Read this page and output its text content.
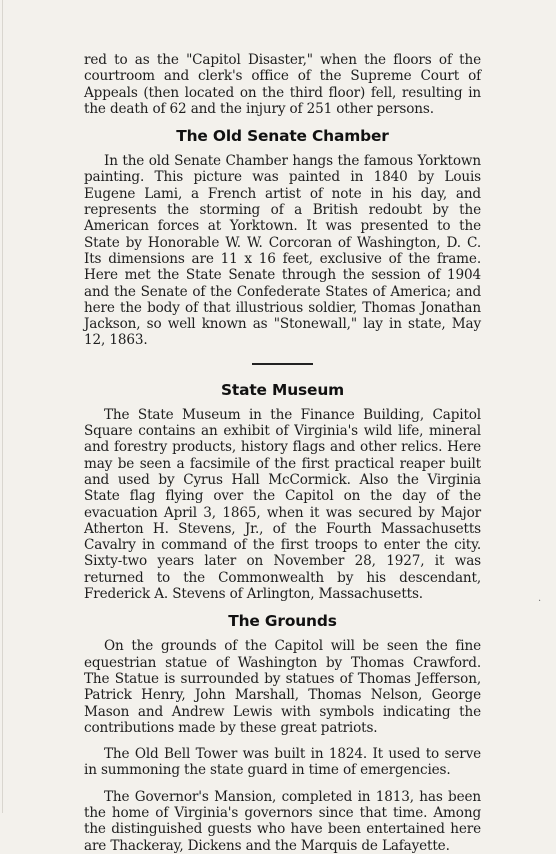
red to as the "Capitol Disaster," when the floors of the courtroom and clerk's office of the Supreme Court of Appeals (then located on the third floor) fell, resulting in the death of 62 and the injury of 251 other persons.

The Old Senate Chamber

In the old Senate Chamber hangs the famous Yorktown painting. This picture was painted in 1840 by Louis Eugene Lami, a French artist of note in his day, and represents the storming of a British redoubt by the American forces at Yorktown. It was presented to the State by Honorable W. W. Corcoran of Washington, D. C. Its dimensions are 11 x 16 feet, exclusive of the frame. Here met the State Senate through the session of 1904 and the Senate of the Confederate States of America; and here the body of that illustrious soldier, Thomas Jonathan Jackson, so well known as "Stonewall," lay in state, May 12, 1863.

State Museum

The State Museum in the Finance Building, Capitol Square contains an exhibit of Virginia's wild life, mineral and forestry products, history flags and other relics. Here may be seen a facsimile of the first practical reaper built and used by Cyrus Hall McCormick. Also the Virginia State flag flying over the Capitol on the day of the evacuation April 3, 1865, when it was secured by Major Atherton H. Stevens, Jr., of the Fourth Massachusetts Cavalry in command of the first troops to enter the city. Sixty-two years later on November 28, 1927, it was returned to the Commonwealth by his descendant, Frederick A. Stevens of Arlington, Massachusetts.

The Grounds

On the grounds of the Capitol will be seen the fine equestrian statue of Washington by Thomas Crawford. The Statue is surrounded by statues of Thomas Jefferson, Patrick Henry, John Marshall, Thomas Nelson, George Mason and Andrew Lewis with symbols indicating the contributions made by these great patriots.

The Old Bell Tower was built in 1824. It used to serve in summoning the state guard in time of emergencies.

The Governor's Mansion, completed in 1813, has been the home of Virginia's governors since that time. Among the distinguished guests who have been entertained here are Thackeray, Dickens and the Marquis de Lafayette.

·
